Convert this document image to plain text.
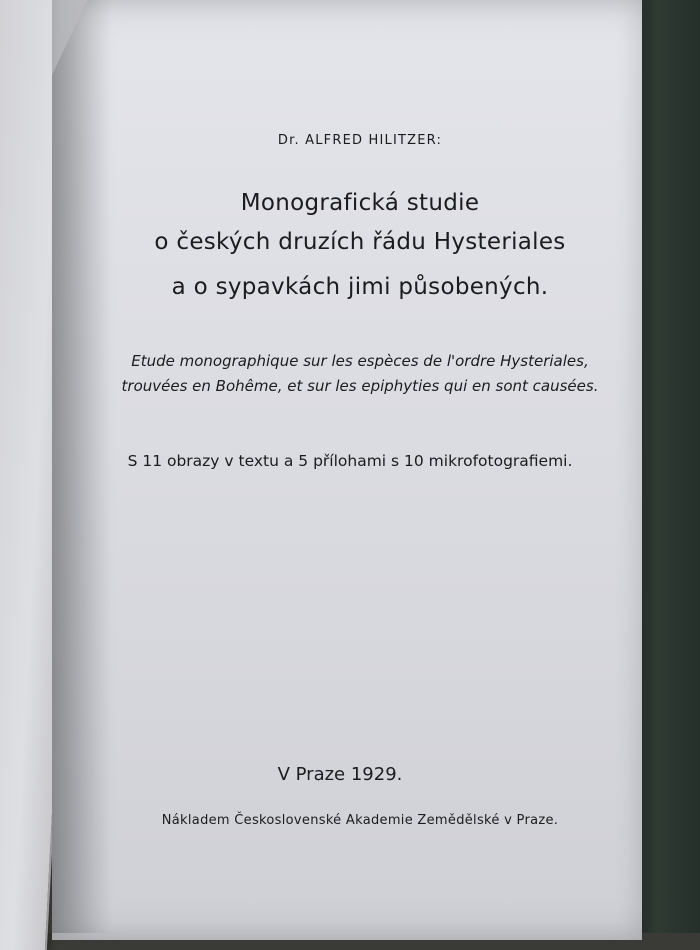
Dr. ALFRED HILITZER:
Monografická studie
o českých druzích řádu Hysteriales
a o sypavkách jimi působených.
Etude monographique sur les espèces de l'ordre Hysteriales,
trouvées en Bohême, et sur les epiphyties qui en sont causées.
S 11 obrazy v textu a 5 přílohami s 10 mikrofotografiemi.
V Praze 1929.
Nákladem Československé Akademie Zemědělské v Praze.
